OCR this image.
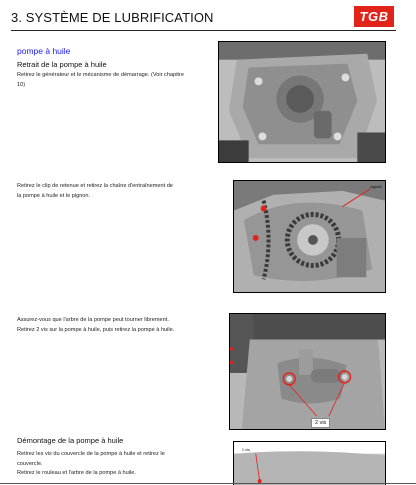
3. SYSTÈME DE LUBRIFICATION	TGB
pompe à huile
Retrait de la pompe à huile
Retirez le générateur et le mécanisme de démarrage. (Voir chapitre
10)
Retirez le clip de retenue et retirez la chaîne d'entraînement de
la pompe à huile et le pignon.
Agrafe
Assurez-vous que l'arbre de la pompe peut tourner librement.
Retirez 2 vis sur la pompe à huile, puis retirez la pompe à huile.
2 vis
Démontage de la pompe à huile
Retirez les vis du couvercle de la pompe à huile et retirez le
couvercle.
Retirez le rouleau et l'arbre de la pompe à huile.
1 vis
